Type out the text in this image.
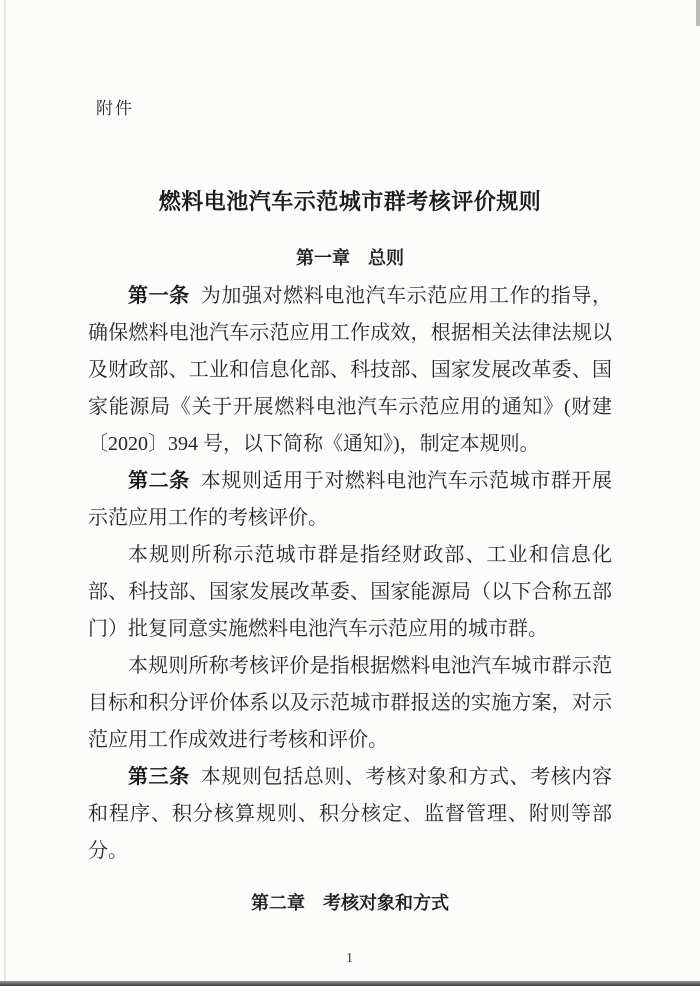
附件
燃料电池汽车示范城市群考核评价规则
第一章　总则

第一条 为加强对燃料电池汽车示范应用工作的指导，确保燃料电池汽车示范应用工作成效，根据相关法律法规以及财政部、工业和信息化部、科技部、国家发展改革委、国家能源局《关于开展燃料电池汽车示范应用的通知》(财建〔2020〕394 号，以下简称《通知》)，制定本规则。

第二条 本规则适用于对燃料电池汽车示范城市群开展示范应用工作的考核评价。

本规则所称示范城市群是指经财政部、工业和信息化部、科技部、国家发展改革委、国家能源局（以下合称五部门）批复同意实施燃料电池汽车示范应用的城市群。

本规则所称考核评价是指根据燃料电池汽车城市群示范目标和积分评价体系以及示范城市群报送的实施方案，对示范应用工作成效进行考核和评价。

第三条 本规则包括总则、考核对象和方式、考核内容和程序、积分核算规则、积分核定、监督管理、附则等部分。

第二章　考核对象和方式
1
